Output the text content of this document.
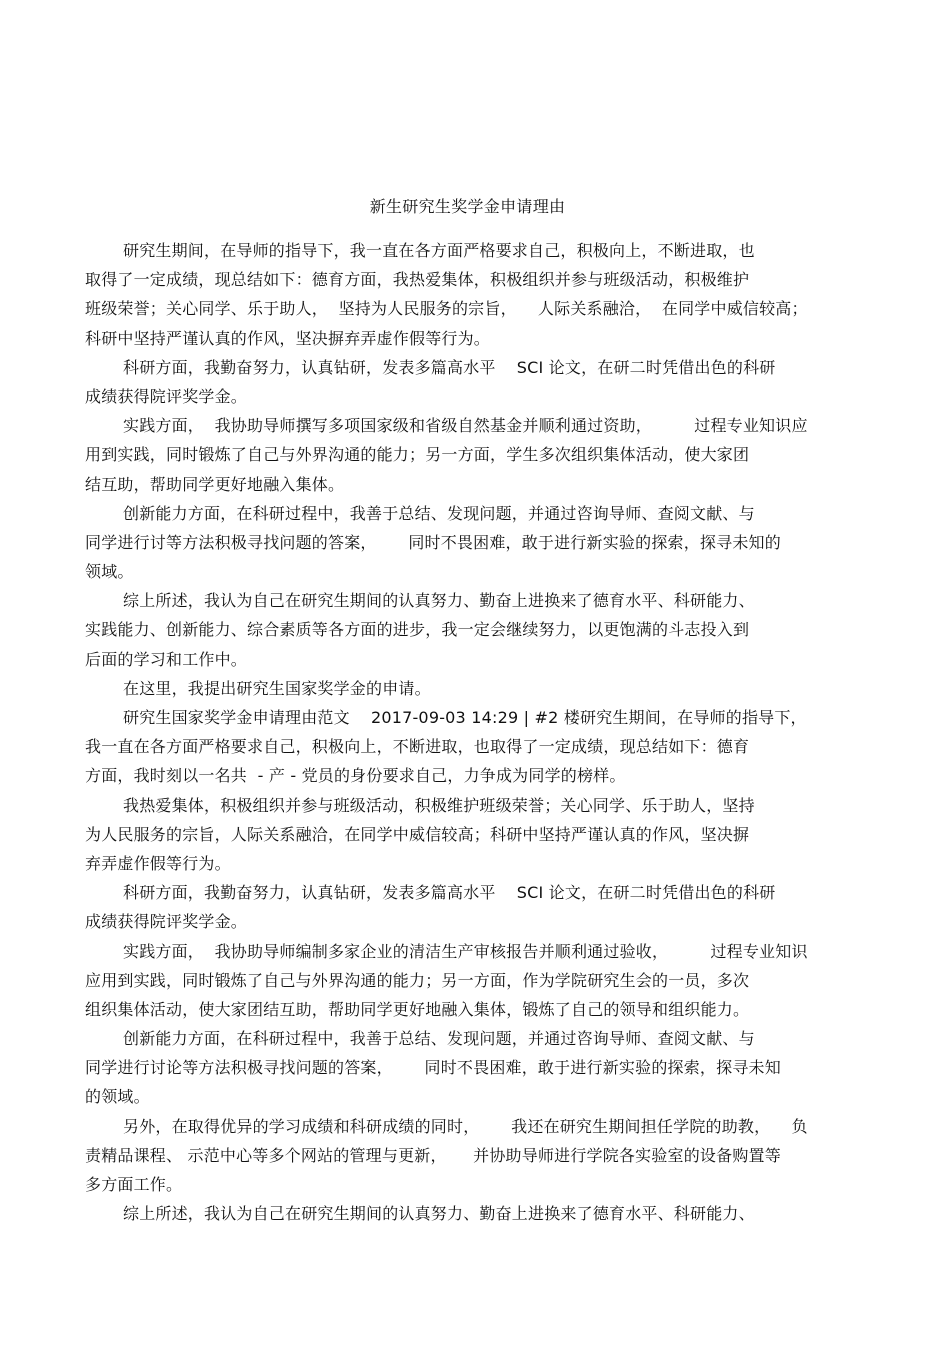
新生研究生奖学金申请理由
研究生期间，在导师的指导下，我一直在各方面严格要求自己，积极向上，不断进取，也
取得了一定成绩，现总结如下：德育方面，我热爱集体，积极组织并参与班级活动，积极维护
班级荣誉；关心同学、乐于助人，  坚持为人民服务的宗旨，    人际关系融洽，  在同学中威信较高；
科研中坚持严谨认真的作风，坚决摒弃弄虚作假等行为。
科研方面，我勤奋努力，认真钻研，发表多篇高水平    SCI 论文，在研二时凭借出色的科研
成绩获得院评奖学金。
实践方面，  我协助导师撰写多项国家级和省级自然基金并顺利通过资助，        过程专业知识应
用到实践，同时锻炼了自己与外界沟通的能力；另一方面，学生多次组织集体活动，使大家团
结互助，帮助同学更好地融入集体。
创新能力方面，在科研过程中，我善于总结、发现问题，并通过咨询导师、查阅文献、与
同学进行讨等方法积极寻找问题的答案，      同时不畏困难，敢于进行新实验的探索，探寻未知的
领域。
综上所述，我认为自己在研究生期间的认真努力、勤奋上进换来了德育水平、科研能力、
实践能力、创新能力、综合素质等各方面的进步，我一定会继续努力，以更饱满的斗志投入到
后面的学习和工作中。
在这里，我提出研究生国家奖学金的申请。
研究生国家奖学金申请理由范文    2017-09-03 14:29 | #2 楼研究生期间，在导师的指导下，
我一直在各方面严格要求自己，积极向上，不断进取，也取得了一定成绩，现总结如下：德育
方面，我时刻以一名共  - 产 - 党员的身份要求自己，力争成为同学的榜样。
我热爱集体，积极组织并参与班级活动，积极维护班级荣誉；关心同学、乐于助人，坚持
为人民服务的宗旨，人际关系融洽，在同学中威信较高；科研中坚持严谨认真的作风，坚决摒
弃弄虚作假等行为。
科研方面，我勤奋努力，认真钻研，发表多篇高水平    SCI 论文，在研二时凭借出色的科研
成绩获得院评奖学金。
实践方面，  我协助导师编制多家企业的清洁生产审核报告并顺利通过验收，        过程专业知识
应用到实践，同时锻炼了自己与外界沟通的能力；另一方面，作为学院研究生会的一员，多次
组织集体活动，使大家团结互助，帮助同学更好地融入集体，锻炼了自己的领导和组织能力。
创新能力方面，在科研过程中，我善于总结、发现问题，并通过咨询导师、查阅文献、与
同学进行讨论等方法积极寻找问题的答案，      同时不畏困难，敢于进行新实验的探索，探寻未知
的领域。
另外，在取得优异的学习成绩和科研成绩的同时，      我还在研究生期间担任学院的助教，    负
责精品课程、 示范中心等多个网站的管理与更新，     并协助导师进行学院各实验室的设备购置等
多方面工作。
综上所述，我认为自己在研究生期间的认真努力、勤奋上进换来了德育水平、科研能力、
